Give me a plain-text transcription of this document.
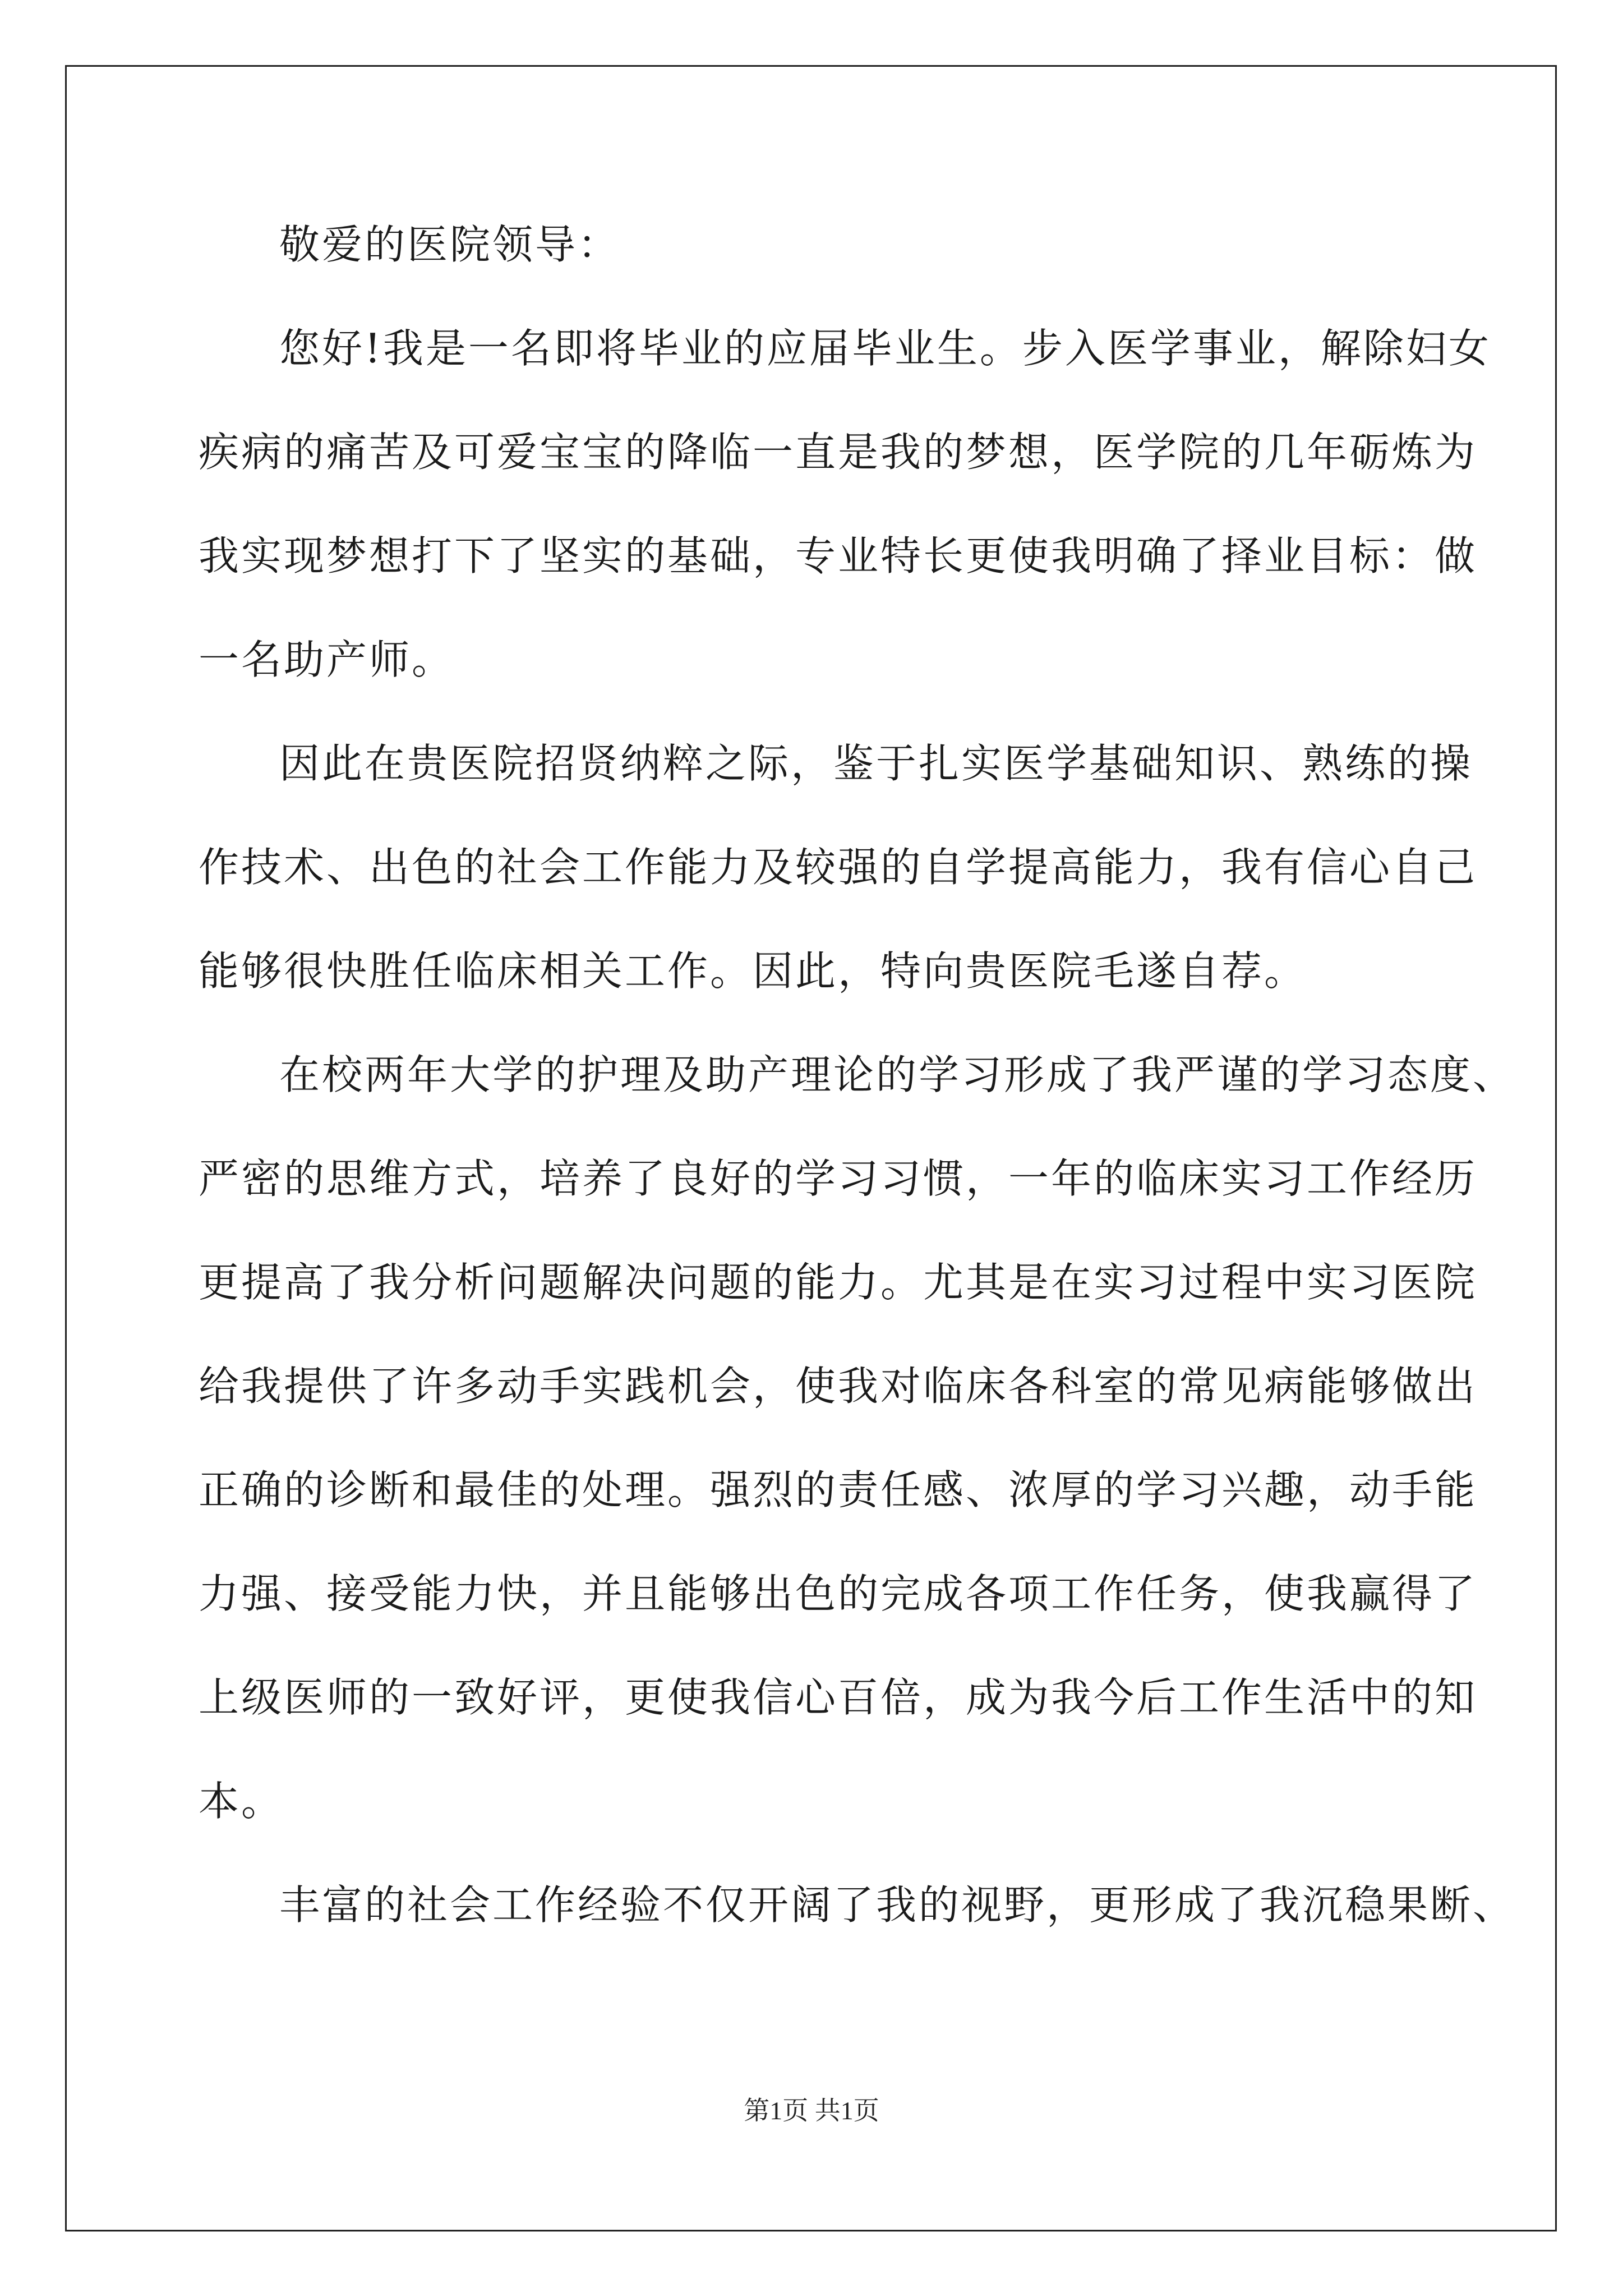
敬爱的医院领导：
您好!我是一名即将毕业的应届毕业生。步入医学事业，解除妇女
疾病的痛苦及可爱宝宝的降临一直是我的梦想，医学院的几年砺炼为
我实现梦想打下了坚实的基础，专业特长更使我明确了择业目标：做
一名助产师。
因此在贵医院招贤纳粹之际，鉴于扎实医学基础知识、熟练的操
作技术、出色的社会工作能力及较强的自学提高能力，我有信心自己
能够很快胜任临床相关工作。因此，特向贵医院毛遂自荐。
在校两年大学的护理及助产理论的学习形成了我严谨的学习态度、
严密的思维方式，培养了良好的学习习惯，一年的临床实习工作经历
更提高了我分析问题解决问题的能力。尤其是在实习过程中实习医院
给我提供了许多动手实践机会，使我对临床各科室的常见病能够做出
正确的诊断和最佳的处理。强烈的责任感、浓厚的学习兴趣，动手能
力强、接受能力快，并且能够出色的完成各项工作任务，使我赢得了
上级医师的一致好评，更使我信心百倍，成为我今后工作生活中的知
本。
丰富的社会工作经验不仅开阔了我的视野，更形成了我沉稳果断、
第1页 共1页
